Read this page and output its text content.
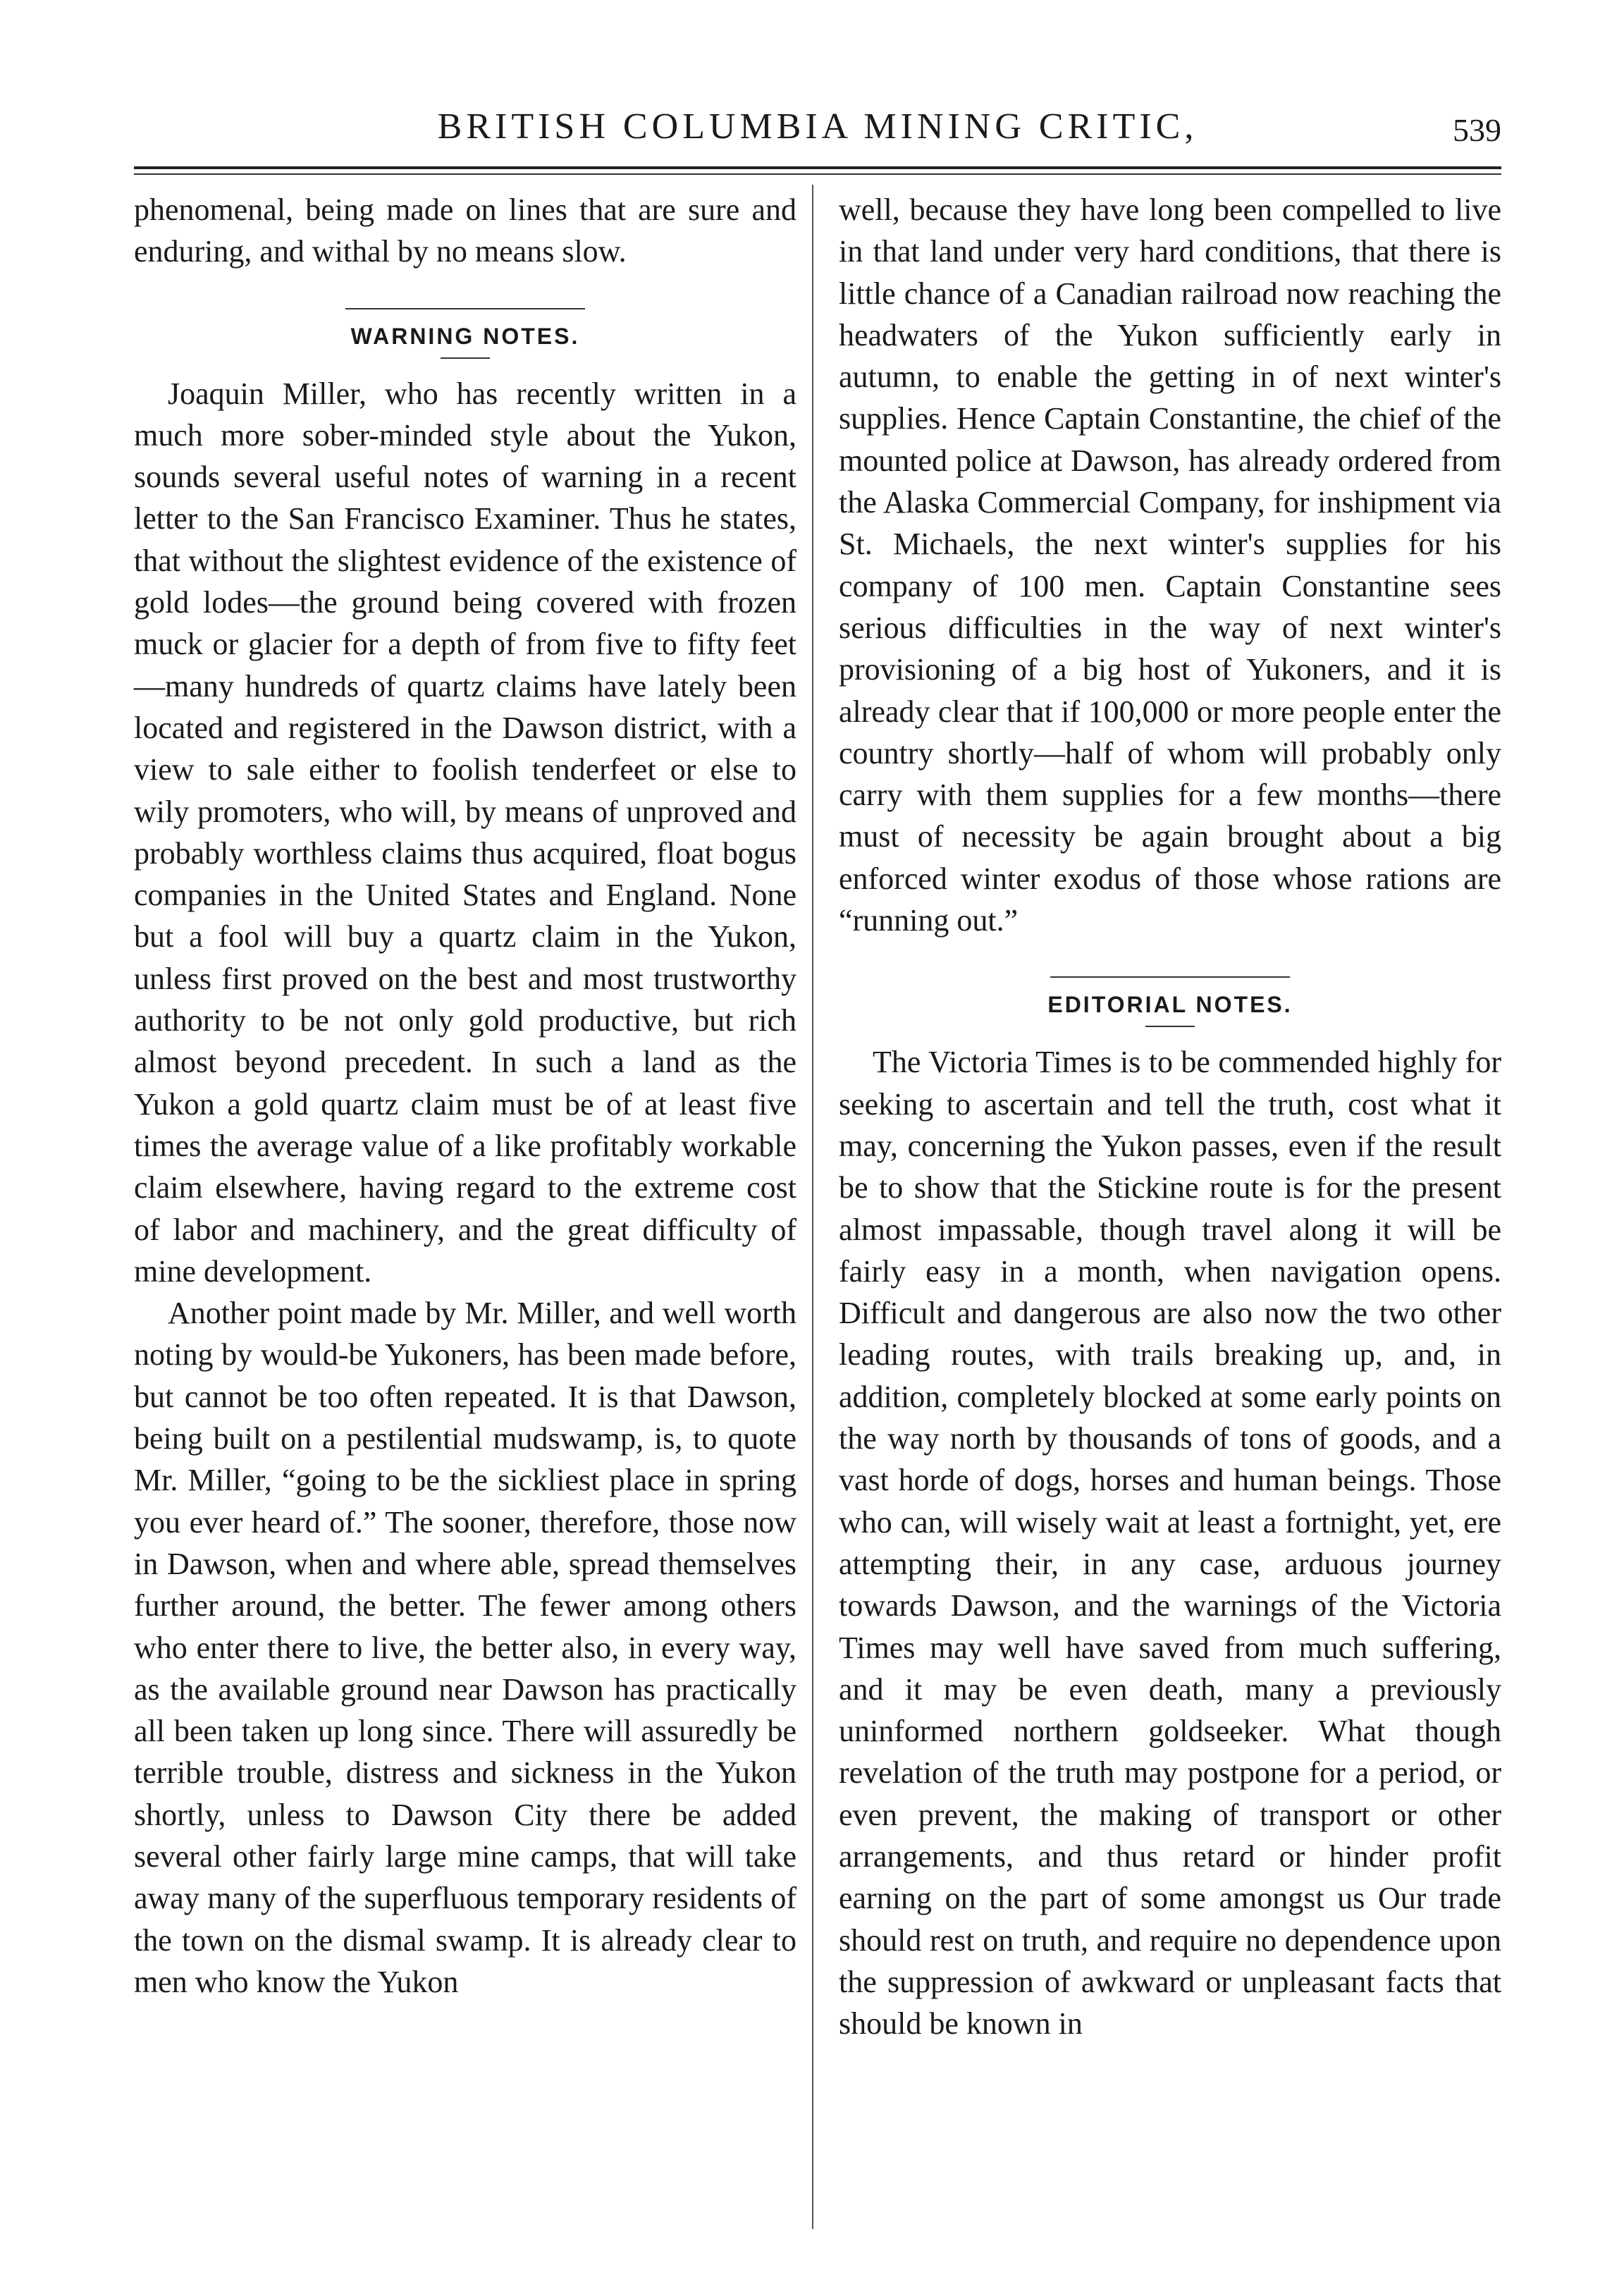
BRITISH COLUMBIA MINING CRITIC,	539

phenomenal, being made on lines that are sure and enduring, and withal by no means slow.

WARNING NOTES.

Joaquin Miller, who has recently written in a much more sober-minded style about the Yukon, sounds several useful notes of warning in a recent letter to the San Francisco Examiner. Thus he states, that without the slightest evidence of the existence of gold lodes—the ground being covered with frozen muck or glacier for a depth of from five to fifty feet—many hundreds of quartz claims have lately been located and registered in the Dawson district, with a view to sale either to foolish tenderfeet or else to wily promoters, who will, by means of unproved and probably worthless claims thus acquired, float bogus companies in the United States and England. None but a fool will buy a quartz claim in the Yukon, unless first proved on the best and most trustworthy authority to be not only gold productive, but rich almost beyond precedent. In such a land as the Yukon a gold quartz claim must be of at least five times the average value of a like profitably workable claim elsewhere, having regard to the extreme cost of labor and machinery, and the great difficulty of mine development.

Another point made by Mr. Miller, and well worth noting by would-be Yukoners, has been made before, but cannot be too often repeated. It is that Dawson, being built on a pestilential mudswamp, is, to quote Mr. Miller, “going to be the sickliest place in spring you ever heard of.” The sooner, therefore, those now in Dawson, when and where able, spread themselves further around, the better. The fewer among others who enter there to live, the better also, in every way, as the available ground near Dawson has practically all been taken up long since. There will assuredly be terrible trouble, distress and sickness in the Yukon shortly, unless to Dawson City there be added several other fairly large mine camps, that will take away many of the superfluous temporary residents of the town on the dismal swamp. It is already clear to men who know the Yukon

well, because they have long been compelled to live in that land under very hard conditions, that there is little chance of a Canadian railroad now reaching the headwaters of the Yukon sufficiently early in autumn, to enable the getting in of next winter's supplies. Hence Captain Constantine, the chief of the mounted police at Dawson, has already ordered from the Alaska Commercial Company, for inshipment via St. Michaels, the next winter's supplies for his company of 100 men. Captain Constantine sees serious difficulties in the way of next winter's provisioning of a big host of Yukoners, and it is already clear that if 100,000 or more people enter the country shortly—half of whom will probably only carry with them supplies for a few months—there must of necessity be again brought about a big enforced winter exodus of those whose rations are “running out.”

EDITORIAL NOTES.

The Victoria Times is to be commended highly for seeking to ascertain and tell the truth, cost what it may, concerning the Yukon passes, even if the result be to show that the Stickine route is for the present almost impassable, though travel along it will be fairly easy in a month, when navigation opens. Difficult and dangerous are also now the two other leading routes, with trails breaking up, and, in addition, completely blocked at some early points on the way north by thousands of tons of goods, and a vast horde of dogs, horses and human beings. Those who can, will wisely wait at least a fortnight, yet, ere attempting their, in any case, arduous journey towards Dawson, and the warnings of the Victoria Times may well have saved from much suffering, and it may be even death, many a previously uninformed northern goldseeker. What though revelation of the truth may postpone for a period, or even prevent, the making of transport or other arrangements, and thus retard or hinder profit earning on the part of some amongst us Our trade should rest on truth, and require no dependence upon the suppression of awkward or unpleasant facts that should be known in
